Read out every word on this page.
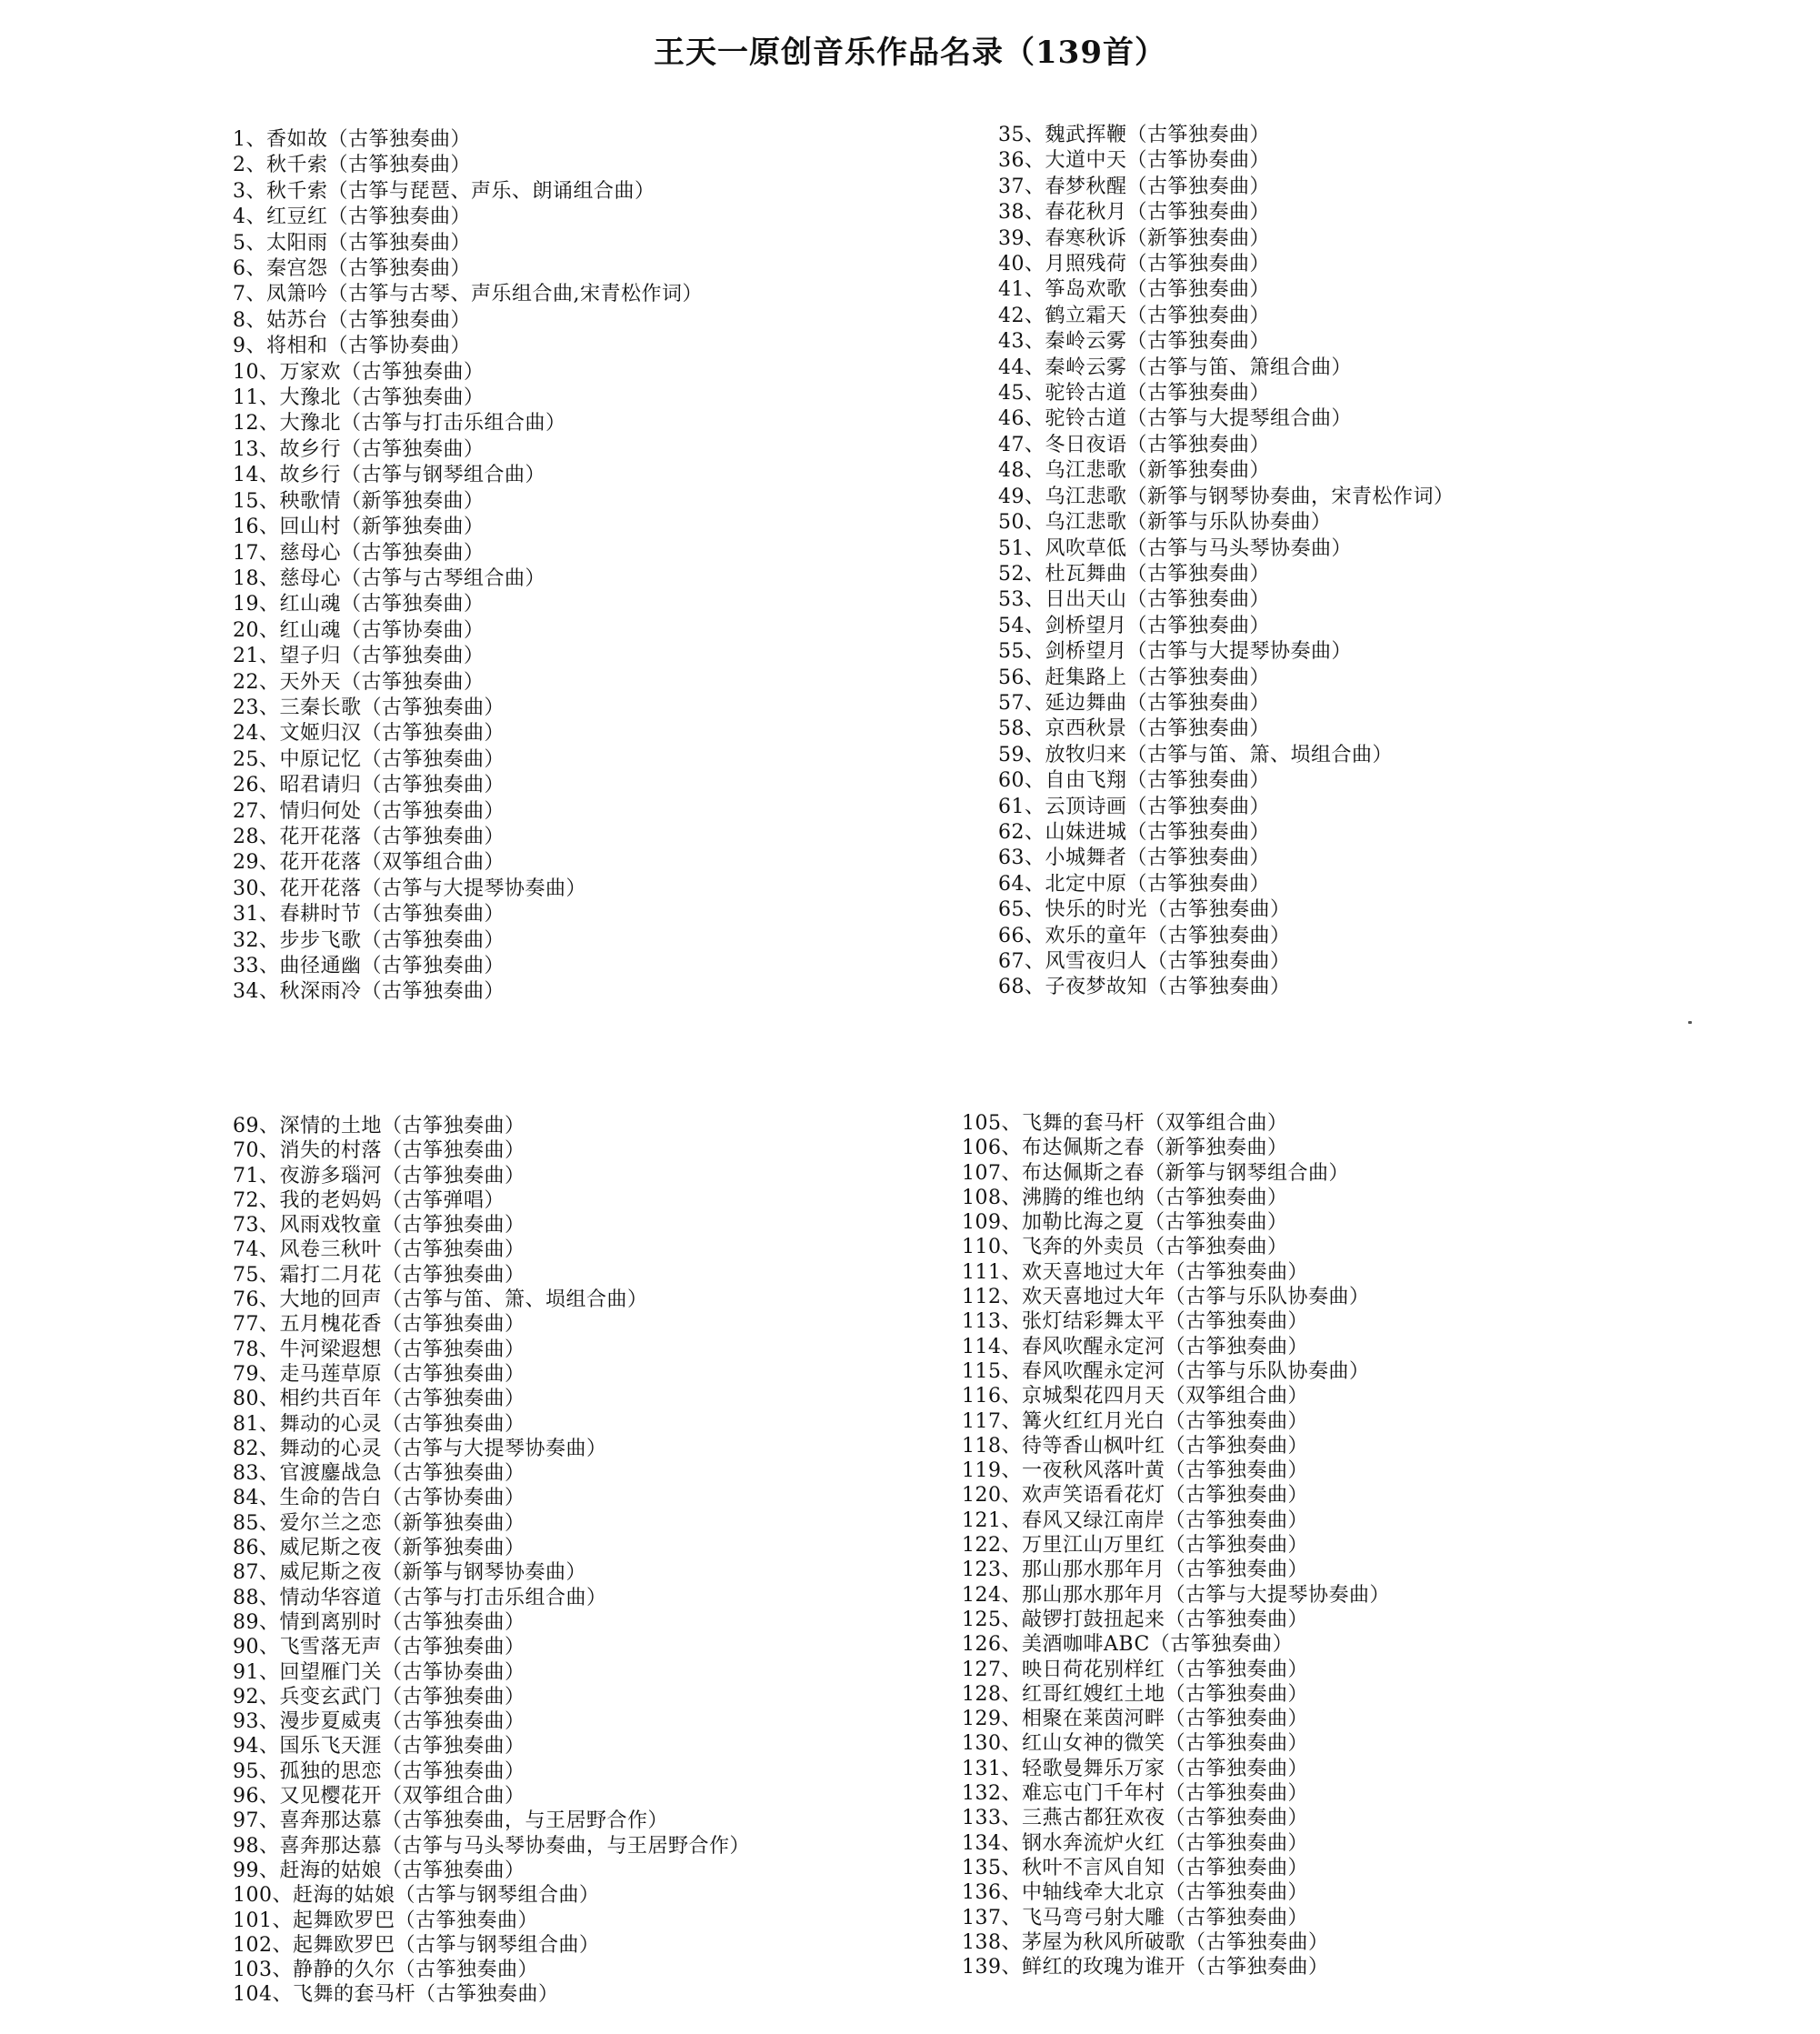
王天一原创音乐作品名录（139首）
1、香如故（古筝独奏曲）
2、秋千索（古筝独奏曲）
3、秋千索（古筝与琵琶、声乐、朗诵组合曲）
4、红豆红（古筝独奏曲）
5、太阳雨（古筝独奏曲）
6、秦宫怨（古筝独奏曲）
7、凤箫吟（古筝与古琴、声乐组合曲,宋青松作词）
8、姑苏台（古筝独奏曲）
9、将相和（古筝协奏曲）
10、万家欢（古筝独奏曲）
11、大豫北（古筝独奏曲）
12、大豫北（古筝与打击乐组合曲）
13、故乡行（古筝独奏曲）
14、故乡行（古筝与钢琴组合曲）
15、秧歌情（新筝独奏曲）
16、回山村（新筝独奏曲）
17、慈母心（古筝独奏曲）
18、慈母心（古筝与古琴组合曲）
19、红山魂（古筝独奏曲）
20、红山魂（古筝协奏曲）
21、望子归（古筝独奏曲）
22、天外天（古筝独奏曲）
23、三秦长歌（古筝独奏曲）
24、文姬归汉（古筝独奏曲）
25、中原记忆（古筝独奏曲）
26、昭君请归（古筝独奏曲）
27、情归何处（古筝独奏曲）
28、花开花落（古筝独奏曲）
29、花开花落（双筝组合曲）
30、花开花落（古筝与大提琴协奏曲）
31、春耕时节（古筝独奏曲）
32、步步飞歌（古筝独奏曲）
33、曲径通幽（古筝独奏曲）
34、秋深雨冷（古筝独奏曲）
35、魏武挥鞭（古筝独奏曲）
36、大道中天（古筝协奏曲）
37、春梦秋醒（古筝独奏曲）
38、春花秋月（古筝独奏曲）
39、春寒秋诉（新筝独奏曲）
40、月照残荷（古筝独奏曲）
41、筝岛欢歌（古筝独奏曲）
42、鹤立霜天（古筝独奏曲）
43、秦岭云雾（古筝独奏曲）
44、秦岭云雾（古筝与笛、箫组合曲）
45、驼铃古道（古筝独奏曲）
46、驼铃古道（古筝与大提琴组合曲）
47、冬日夜语（古筝独奏曲）
48、乌江悲歌（新筝独奏曲）
49、乌江悲歌（新筝与钢琴协奏曲，宋青松作词）
50、乌江悲歌（新筝与乐队协奏曲）
51、风吹草低（古筝与马头琴协奏曲）
52、杜瓦舞曲（古筝独奏曲）
53、日出天山（古筝独奏曲）
54、剑桥望月（古筝独奏曲）
55、剑桥望月（古筝与大提琴协奏曲）
56、赶集路上（古筝独奏曲）
57、延边舞曲（古筝独奏曲）
58、京西秋景（古筝独奏曲）
59、放牧归来（古筝与笛、箫、埙组合曲）
60、自由飞翔（古筝独奏曲）
61、云顶诗画（古筝独奏曲）
62、山妹进城（古筝独奏曲）
63、小城舞者（古筝独奏曲）
64、北定中原（古筝独奏曲）
65、快乐的时光（古筝独奏曲）
66、欢乐的童年（古筝独奏曲）
67、风雪夜归人（古筝独奏曲）
68、子夜梦故知（古筝独奏曲）
69、深情的土地（古筝独奏曲）
70、消失的村落（古筝独奏曲）
71、夜游多瑙河（古筝独奏曲）
72、我的老妈妈（古筝弹唱）
73、风雨戏牧童（古筝独奏曲）
74、风卷三秋叶（古筝独奏曲）
75、霜打二月花（古筝独奏曲）
76、大地的回声（古筝与笛、箫、埙组合曲）
77、五月槐花香（古筝独奏曲）
78、牛河梁遐想（古筝独奏曲）
79、走马莲草原（古筝独奏曲）
80、相约共百年（古筝独奏曲）
81、舞动的心灵（古筝独奏曲）
82、舞动的心灵（古筝与大提琴协奏曲）
83、官渡鏖战急（古筝独奏曲）
84、生命的告白（古筝协奏曲）
85、爱尔兰之恋（新筝独奏曲）
86、威尼斯之夜（新筝独奏曲）
87、威尼斯之夜（新筝与钢琴协奏曲）
88、情动华容道（古筝与打击乐组合曲）
89、情到离别时（古筝独奏曲）
90、飞雪落无声（古筝独奏曲）
91、回望雁门关（古筝协奏曲）
92、兵变玄武门（古筝独奏曲）
93、漫步夏威夷（古筝独奏曲）
94、国乐飞天涯（古筝独奏曲）
95、孤独的思恋（古筝独奏曲）
96、又见樱花开（双筝组合曲）
97、喜奔那达慕（古筝独奏曲，与王居野合作）
98、喜奔那达慕（古筝与马头琴协奏曲，与王居野合作）
99、赶海的姑娘（古筝独奏曲）
100、赶海的姑娘（古筝与钢琴组合曲）
101、起舞欧罗巴（古筝独奏曲）
102、起舞欧罗巴（古筝与钢琴组合曲）
103、静静的久尔（古筝独奏曲）
104、飞舞的套马杆（古筝独奏曲）
105、飞舞的套马杆（双筝组合曲）
106、布达佩斯之春（新筝独奏曲）
107、布达佩斯之春（新筝与钢琴组合曲）
108、沸腾的维也纳（古筝独奏曲）
109、加勒比海之夏（古筝独奏曲）
110、飞奔的外卖员（古筝独奏曲）
111、欢天喜地过大年（古筝独奏曲）
112、欢天喜地过大年（古筝与乐队协奏曲）
113、张灯结彩舞太平（古筝独奏曲）
114、春风吹醒永定河（古筝独奏曲）
115、春风吹醒永定河（古筝与乐队协奏曲）
116、京城梨花四月天（双筝组合曲）
117、篝火红红月光白（古筝独奏曲）
118、待等香山枫叶红（古筝独奏曲）
119、一夜秋风落叶黄（古筝独奏曲）
120、欢声笑语看花灯（古筝独奏曲）
121、春风又绿江南岸（古筝独奏曲）
122、万里江山万里红（古筝独奏曲）
123、那山那水那年月（古筝独奏曲）
124、那山那水那年月（古筝与大提琴协奏曲）
125、敲锣打鼓扭起来（古筝独奏曲）
126、美酒咖啡ABC（古筝独奏曲）
127、映日荷花别样红（古筝独奏曲）
128、红哥红嫂红土地（古筝独奏曲）
129、相聚在莱茵河畔（古筝独奏曲）
130、红山女神的微笑（古筝独奏曲）
131、轻歌曼舞乐万家（古筝独奏曲）
132、难忘屯门千年村（古筝独奏曲）
133、三燕古都狂欢夜（古筝独奏曲）
134、钢水奔流炉火红（古筝独奏曲）
135、秋叶不言风自知（古筝独奏曲）
136、中轴线牵大北京（古筝独奏曲）
137、飞马弯弓射大雕（古筝独奏曲）
138、茅屋为秋风所破歌（古筝独奏曲）
139、鲜红的玫瑰为谁开（古筝独奏曲）
